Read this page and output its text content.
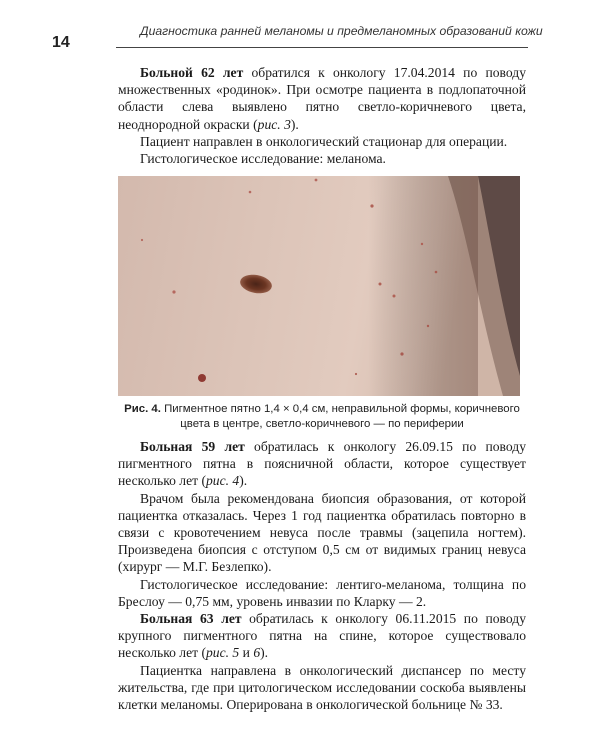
14
Диагностика ранней меланомы и предмеланомных образований кожи

Больной 62 лет обратился к онкологу 17.04.2014 по поводу множественных «родинок». При осмотре пациента в подлопаточной области слева выявлено пятно светло-коричневого цвета, неоднородной окраски (рис. 3).

Пациент направлен в онкологический стационар для операции.

Гистологическое исследование: меланома.

Рис. 4. Пигментное пятно 1,4 × 0,4 см, неправильной формы, коричневого цвета в центре, светло-коричневого — по периферии

Больная 59 лет обратилась к онкологу 26.09.15 по поводу пигментного пятна в поясничной области, которое существует несколько лет (рис. 4).

Врачом была рекомендована биопсия образования, от которой пациентка отказалась. Через 1 год пациентка обратилась повторно в связи с кровотечением невуса после травмы (зацепила ногтем). Произведена биопсия с отступом 0,5 см от видимых границ невуса (хирург — М.Г. Безлепко).

Гистологическое исследование: лентиго-меланома, толщина по Бреслоу — 0,75 мм, уровень инвазии по Кларку — 2.

Больная 63 лет обратилась к онкологу 06.11.2015 по поводу крупного пигментного пятна на спине, которое существовало несколько лет (рис. 5 и 6).

Пациентка направлена в онкологический диспансер по месту жительства, где при цитологическом исследовании соскоба выявлены клетки меланомы. Оперирована в онкологической больнице № 33.
